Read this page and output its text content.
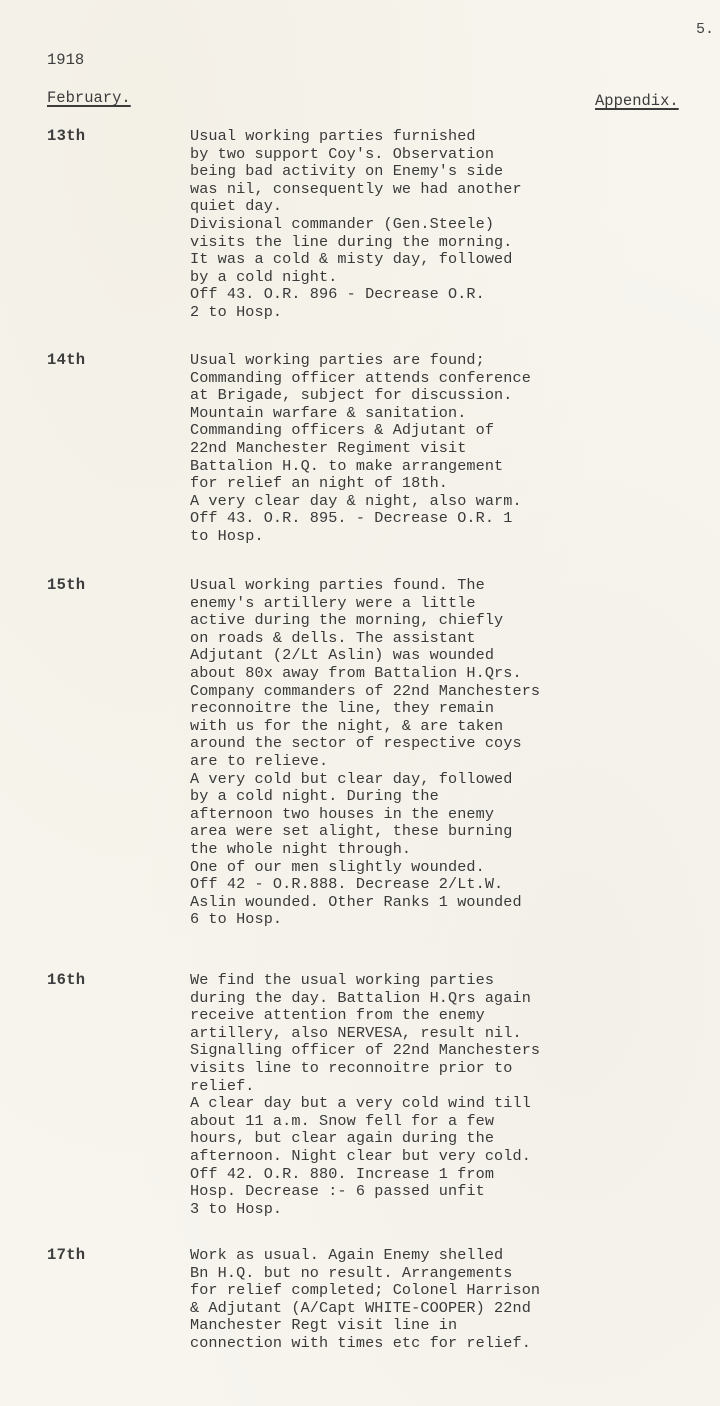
5.
1918
February.	Appendix.
13th	Usual working parties furnished
by two support Coy's. Observation
being bad activity on Enemy's side
was nil, consequently we had another
quiet day.
Divisional commander (Gen.Steele)
visits the line during the morning.
It was a cold & misty day, followed
by a cold night.
Off 43. O.R. 896 - Decrease O.R.
2 to Hosp.
14th	Usual working parties are found;
Commanding officer attends conference
at Brigade, subject for discussion.
Mountain warfare & sanitation.
Commanding officers & Adjutant of
22nd Manchester Regiment visit
Battalion H.Q. to make arrangement
for relief an night of 18th.
A very clear day & night, also warm.
Off 43. O.R. 895. - Decrease O.R. 1
to Hosp.
15th	Usual working parties found. The
enemy's artillery were a little
active during the morning, chiefly
on roads & dells. The assistant
Adjutant (2/Lt Aslin) was wounded
about 80x away from Battalion H.Qrs.
Company commanders of 22nd Manchesters
reconnoitre the line, they remain
with us for the night, & are taken
around the sector of respective coys
are to relieve.
A very cold but clear day, followed
by a cold night. During the
afternoon two houses in the enemy
area were set alight, these burning
the whole night through.
One of our men slightly wounded.
Off 42 - O.R.888. Decrease 2/Lt.W.
Aslin wounded. Other Ranks 1 wounded
6 to Hosp.
16th	We find the usual working parties
during the day. Battalion H.Qrs again
receive attention from the enemy
artillery, also NERVESA, result nil.
Signalling officer of 22nd Manchesters
visits line to reconnoitre prior to
relief.
A clear day but a very cold wind till
about 11 a.m. Snow fell for a few
hours, but clear again during the
afternoon. Night clear but very cold.
Off 42. O.R. 880. Increase 1 from
Hosp. Decrease :- 6 passed unfit
3 to Hosp.
17th	Work as usual. Again Enemy shelled
Bn H.Q. but no result. Arrangements
for relief completed; Colonel Harrison
& Adjutant (A/Capt WHITE-COOPER) 22nd
Manchester Regt visit line in
connection with times etc for relief.
